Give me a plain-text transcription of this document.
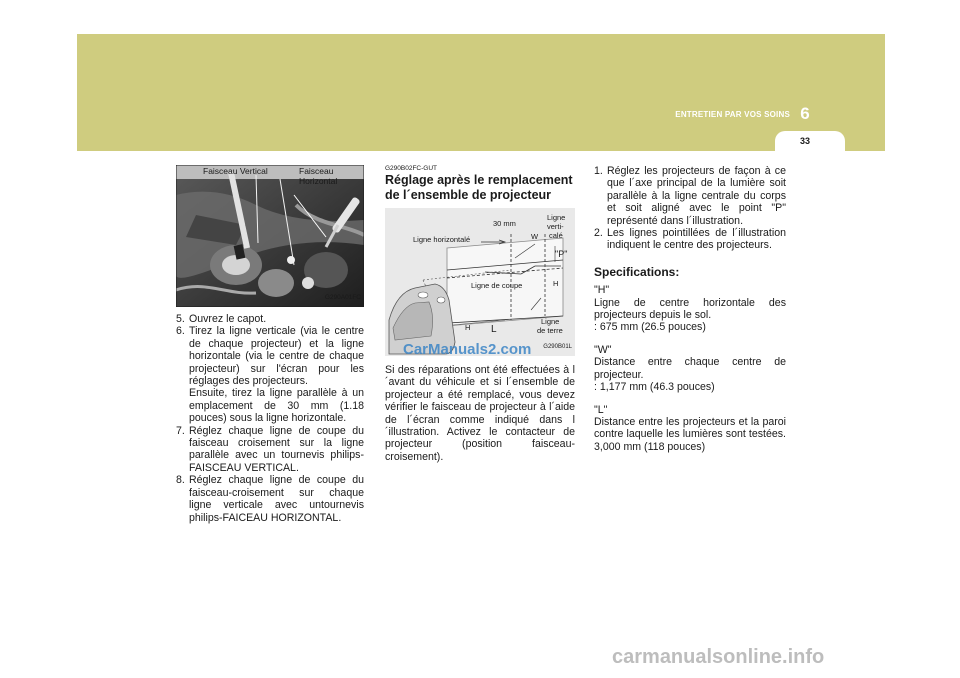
ENTRETIEN PAR VOS SOINS 6
33
Faisceau Vertical	Faisceau
Horizontal
G290A01FC
5. Ouvrez le capot.
6. Tirez la ligne verticale (via le centre de chaque projecteur) et la ligne horizontale (via le centre de chaque projecteur) sur l'écran pour les réglages des projecteurs.
Ensuite, tirez la ligne parallèle à un emplacement de 30 mm (1.18 pouces) sous la ligne horizontale.
7. Réglez chaque ligne de coupe du faisceau croisement sur la ligne parallèle avec un tournevis philips-FAISCEAU VERTICAL.
8. Réglez chaque ligne de coupe du faisceau-croisement sur chaque ligne verticale avec untournevis philips-FAICEAU HORIZONTAL.
G290B02FC-GUT
Réglage après le remplacement de l´ensemble de projecteur
30 mm
Ligne horizontalé
Ligne
verti-
calé
W
"P"
H
Ligne de coupe
H L
Ligne
de terre
G290B01L

Si des réparations ont été effectuées à l´avant du véhicule et si l´ensemble de projecteur a été remplacé, vous devez vérifier le faisceau de projecteur à l´aide de l´écran comme indiqué dans l´illustration. Activez le contacteur de projecteur (position faisceau-croisement).

CarManuals2.com
1. Réglez les projecteurs de façon à ce que l´axe principal de la lumière soit parallèle à la ligne centrale du corps et soit aligné avec le point "P" représenté dans l´illustration.
2. Les lignes pointillées de l´illustration indiquent le centre des projecteurs.
Specifications:
"H"
Ligne de centre horizontale des projecteurs depuis le sol.
: 675 mm (26.5 pouces)
"W"
Distance entre chaque centre de projecteur.
: 1,177 mm (46.3 pouces)
"L"
Distance entre les projecteurs et la paroi contre laquelle les lumières sont testées. 3,000 mm (118 pouces)
carmanualsonline.info
